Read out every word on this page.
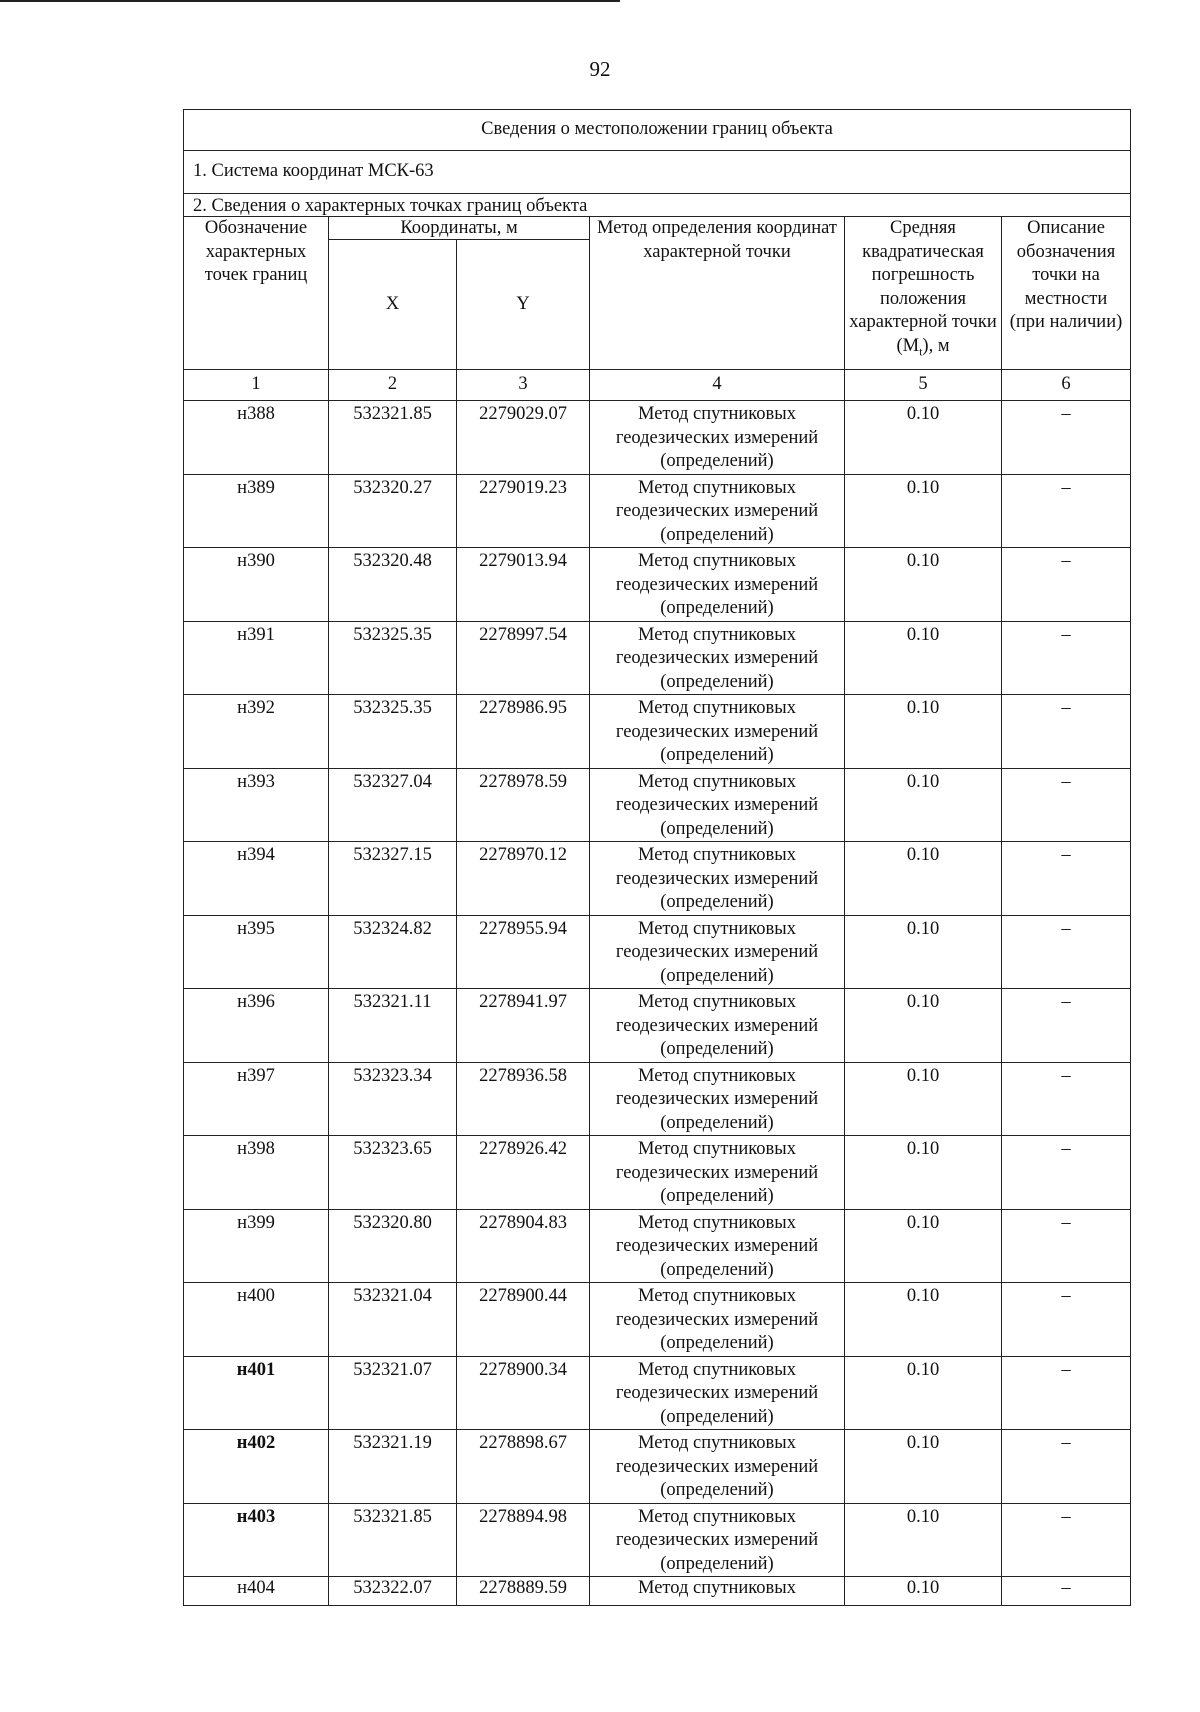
92
Сведения о местоположении границ объекта					
1. Система координат МСК-63					
2. Сведения о характерных точках границ объекта					
Обозначение характерных точек границ	Координаты, м		Метод определения координат характерной точки	Средняя квадратическая погрешность положения характерной точки $(M_t)$, м	Описание обозначения точки на местности (при наличии)
	X	Y			
1	2	3	4	5	6
н388	532321.85	2279029.07	Метод спутниковых геодезических измерений (определений)	0.10	–
н389	532320.27	2279019.23	Метод спутниковых геодезических измерений (определений)	0.10	–
н390	532320.48	2279013.94	Метод спутниковых геодезических измерений (определений)	0.10	–
н391	532325.35	2278997.54	Метод спутниковых геодезических измерений (определений)	0.10	–
н392	532325.35	2278986.95	Метод спутниковых геодезических измерений (определений)	0.10	–
н393	532327.04	2278978.59	Метод спутниковых геодезических измерений (определений)	0.10	–
н394	532327.15	2278970.12	Метод спутниковых геодезических измерений (определений)	0.10	–
н395	532324.82	2278955.94	Метод спутниковых геодезических измерений (определений)	0.10	–
н396	532321.11	2278941.97	Метод спутниковых геодезических измерений (определений)	0.10	–
н397	532323.34	2278936.58	Метод спутниковых геодезических измерений (определений)	0.10	–
н398	532323.65	2278926.42	Метод спутниковых геодезических измерений (определений)	0.10	–
н399	532320.80	2278904.83	Метод спутниковых геодезических измерений (определений)	0.10	–
н400	532321.04	2278900.44	Метод спутниковых геодезических измерений (определений)	0.10	–
н401	532321.07	2278900.34	Метод спутниковых геодезических измерений (определений)	0.10	–
н402	532321.19	2278898.67	Метод спутниковых геодезических измерений (определений)	0.10	–
н403	532321.85	2278894.98	Метод спутниковых геодезических измерений (определений)	0.10	–
н404	532322.07	2278889.59	Метод спутниковых	0.10	–
